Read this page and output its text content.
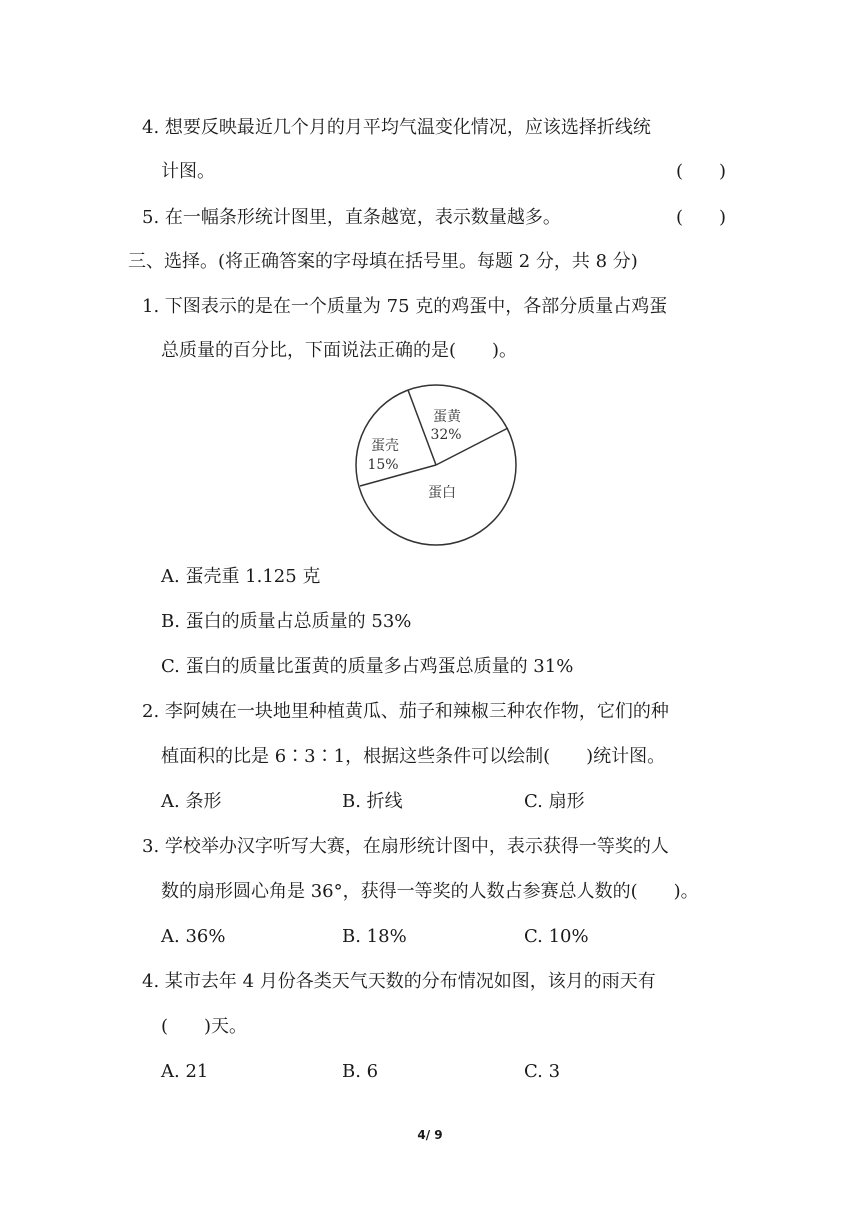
4. 想要反映最近几个月的月平均气温变化情况，应该选择折线统
计图。	(　　)
5. 在一幅条形统计图里，直条越宽，表示数量越多。	(　　)
三、选择。(将正确答案的字母填在括号里。每题 2 分，共 8 分)
1. 下图表示的是在一个质量为 75 克的鸡蛋中，各部分质量占鸡蛋
总质量的百分比，下面说法正确的是(　　)。
蛋黄
32%
蛋壳
15%
蛋白
A. 蛋壳重 1.125 克
B. 蛋白的质量占总质量的 53%
C. 蛋白的质量比蛋黄的质量多占鸡蛋总质量的 31%
2. 李阿姨在一块地里种植黄瓜、茄子和辣椒三种农作物，它们的种
植面积的比是 6∶3∶1，根据这些条件可以绘制(　　)统计图。
A. 条形	B. 折线	C. 扇形
3. 学校举办汉字听写大赛，在扇形统计图中，表示获得一等奖的人
数的扇形圆心角是 36°，获得一等奖的人数占参赛总人数的(　　)。
A. 36%	B. 18%	C. 10%
4. 某市去年 4 月份各类天气天数的分布情况如图，该月的雨天有
(　　)天。
A. 21	B. 6	C. 3
4/ 9
